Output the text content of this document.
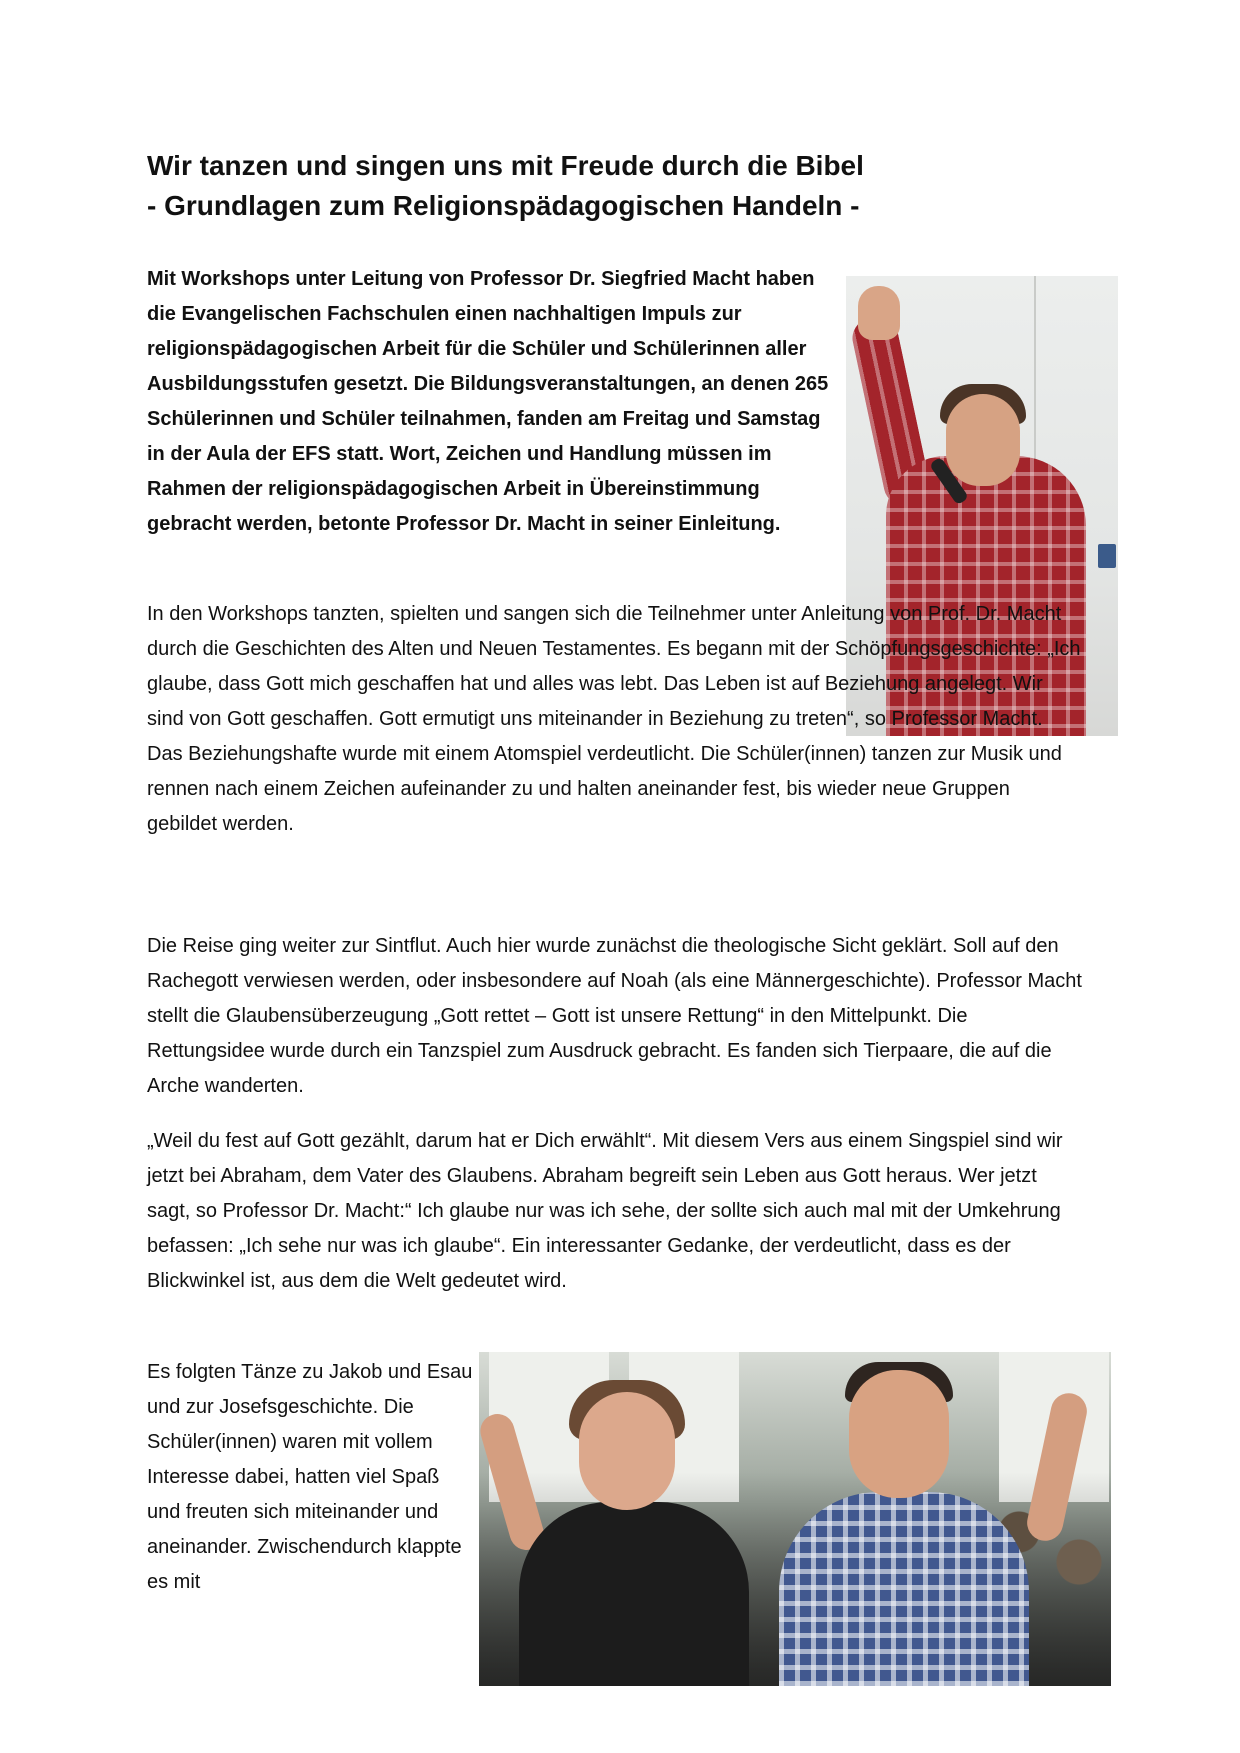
Wir tanzen und singen uns mit Freude durch die Bibel
- Grundlagen zum Religionspädagogischen Handeln -

Mit Workshops unter Leitung von Professor Dr. Siegfried Macht haben die Evangelischen Fachschulen einen nachhaltigen Impuls zur religionspädagogischen Arbeit für die Schüler und Schülerinnen aller Ausbildungsstufen gesetzt. Die Bildungsveranstaltungen, an denen 265 Schülerinnen und Schüler teilnahmen, fanden am Freitag und Samstag in der Aula der EFS statt. Wort, Zeichen und Handlung müssen im Rahmen der religionspädagogischen Arbeit in Übereinstimmung gebracht werden, betonte Professor Dr. Macht in seiner Einleitung.

In den Workshops tanzten, spielten und sangen sich die Teilnehmer unter Anleitung von Prof. Dr. Macht durch die Geschichten des Alten und Neuen Testamentes. Es begann mit der Schöpfungsgeschichte: „Ich glaube, dass Gott mich geschaffen hat und alles was lebt. Das Leben ist auf Beziehung angelegt. Wir sind von Gott geschaffen. Gott ermutigt uns miteinander in Beziehung zu treten“, so Professor Macht. Das Beziehungshafte wurde mit einem Atomspiel verdeutlicht. Die Schüler(innen) tanzen zur Musik und rennen nach einem Zeichen aufeinander zu und halten aneinander fest, bis wieder neue Gruppen gebildet werden.

Die Reise ging weiter zur Sintflut. Auch hier wurde zunächst die theologische Sicht geklärt. Soll auf den Rachegott verwiesen werden, oder insbesondere auf Noah (als eine Männergeschichte). Professor Macht stellt die Glaubensüberzeugung „Gott rettet – Gott ist unsere Rettung“ in den Mittelpunkt. Die Rettungsidee wurde durch ein Tanzspiel zum Ausdruck gebracht. Es fanden sich Tierpaare, die auf die Arche wanderten.

„Weil du fest auf Gott gezählt, darum hat er Dich erwählt“. Mit diesem Vers aus einem Singspiel sind wir jetzt bei Abraham, dem Vater des Glaubens. Abraham begreift sein Leben aus Gott heraus. Wer jetzt sagt, so Professor Dr. Macht:“ Ich glaube nur was ich sehe, der sollte sich auch mal mit der Umkehrung befassen: „Ich sehe nur was ich glaube“. Ein interessanter Gedanke, der verdeutlicht, dass es der Blickwinkel ist, aus dem die Welt gedeutet wird.

Es folgten Tänze zu Jakob und Esau und zur Josefsgeschichte. Die Schüler(innen) waren mit vollem Interesse dabei, hatten viel Spaß und freuten sich miteinander und aneinander. Zwischendurch klappte es mit
